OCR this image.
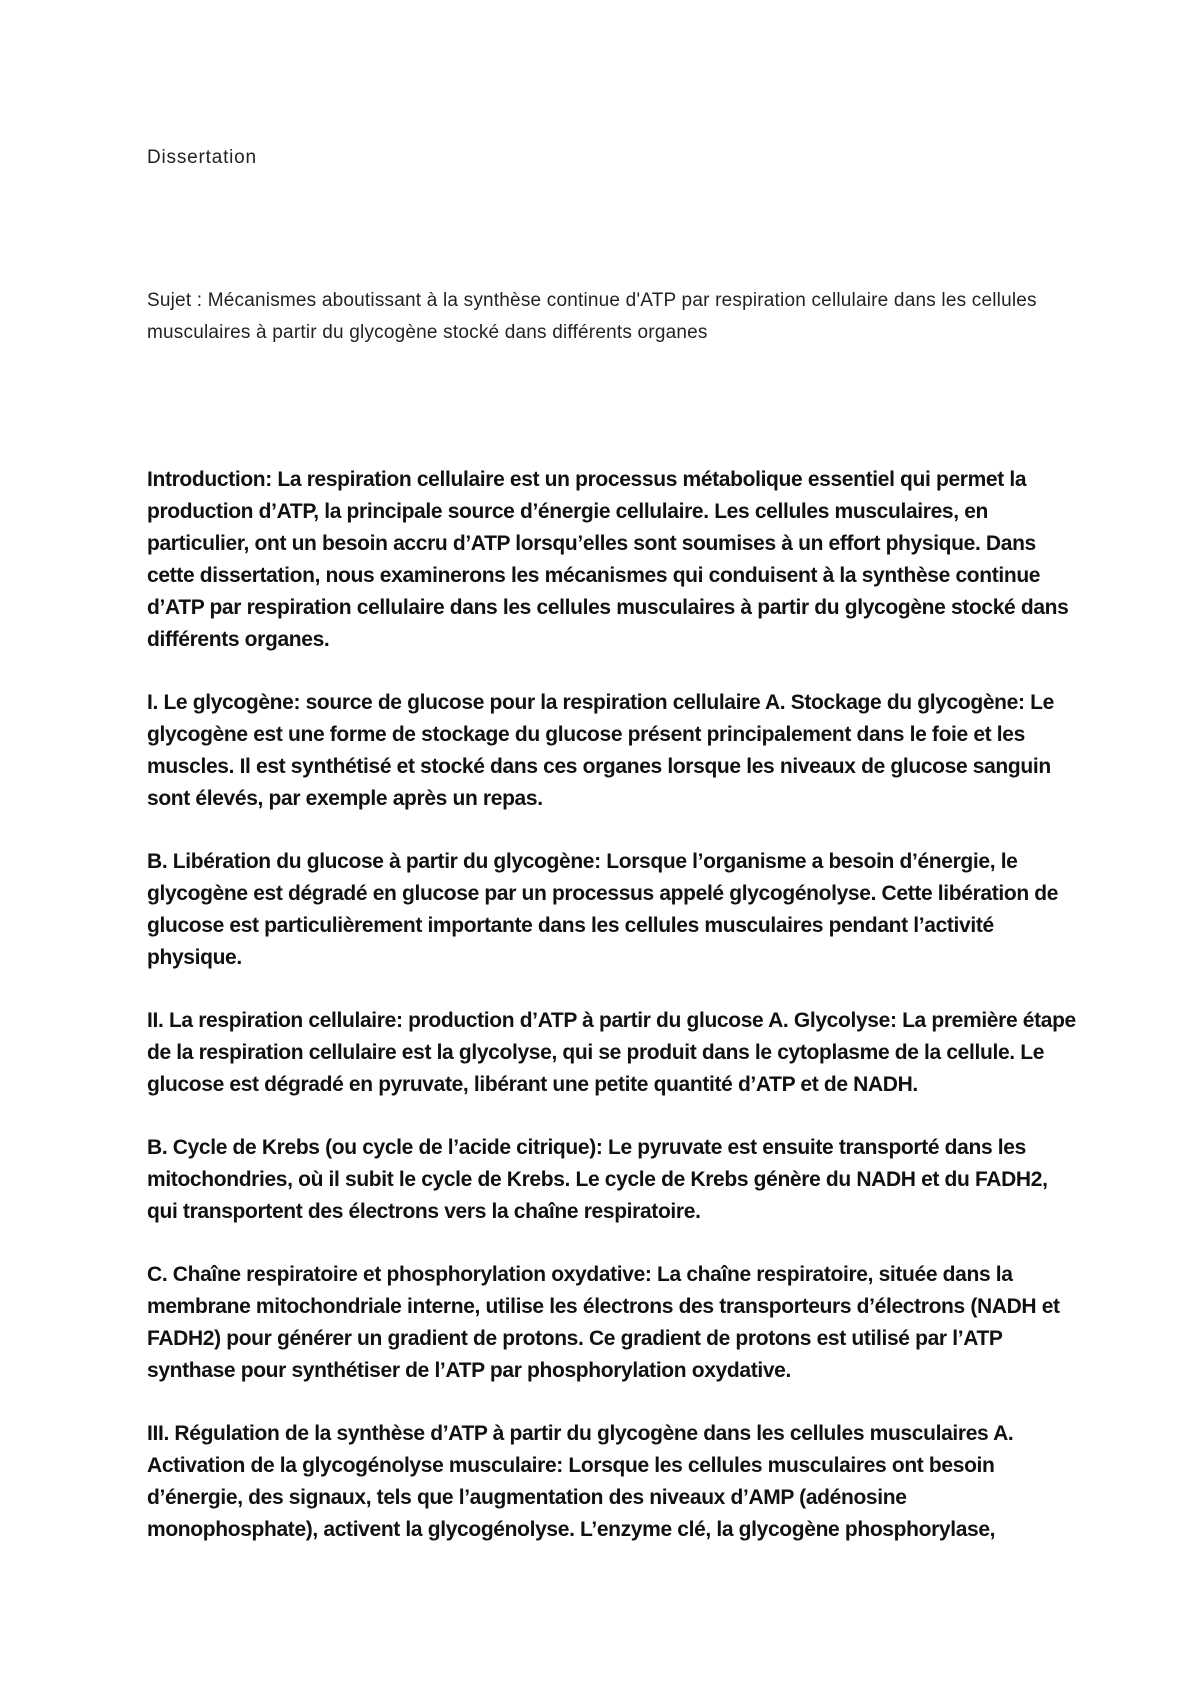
Dissertation

Sujet : Mécanismes aboutissant à la synthèse continue d'ATP par respiration cellulaire dans les cellules musculaires à partir du glycogène stocké dans différents organes

Introduction: La respiration cellulaire est un processus métabolique essentiel qui permet la production d’ATP, la principale source d’énergie cellulaire. Les cellules musculaires, en particulier, ont un besoin accru d’ATP lorsqu’elles sont soumises à un effort physique. Dans cette dissertation, nous examinerons les mécanismes qui conduisent à la synthèse continue d’ATP par respiration cellulaire dans les cellules musculaires à partir du glycogène stocké dans différents organes.

I. Le glycogène: source de glucose pour la respiration cellulaire A. Stockage du glycogène: Le glycogène est une forme de stockage du glucose présent principalement dans le foie et les muscles. Il est synthétisé et stocké dans ces organes lorsque les niveaux de glucose sanguin sont élevés, par exemple après un repas.

B. Libération du glucose à partir du glycogène: Lorsque l’organisme a besoin d’énergie, le glycogène est dégradé en glucose par un processus appelé glycogénolyse. Cette libération de glucose est particulièrement importante dans les cellules musculaires pendant l’activité physique.

II. La respiration cellulaire: production d’ATP à partir du glucose A. Glycolyse: La première étape de la respiration cellulaire est la glycolyse, qui se produit dans le cytoplasme de la cellule. Le glucose est dégradé en pyruvate, libérant une petite quantité d’ATP et de NADH.

B. Cycle de Krebs (ou cycle de l’acide citrique): Le pyruvate est ensuite transporté dans les mitochondries, où il subit le cycle de Krebs. Le cycle de Krebs génère du NADH et du FADH2, qui transportent des électrons vers la chaîne respiratoire.

C. Chaîne respiratoire et phosphorylation oxydative: La chaîne respiratoire, située dans la membrane mitochondriale interne, utilise les électrons des transporteurs d’électrons (NADH et FADH2) pour générer un gradient de protons. Ce gradient de protons est utilisé par l’ATP synthase pour synthétiser de l’ATP par phosphorylation oxydative.

III. Régulation de la synthèse d’ATP à partir du glycogène dans les cellules musculaires A. Activation de la glycogénolyse musculaire: Lorsque les cellules musculaires ont besoin d’énergie, des signaux, tels que l’augmentation des niveaux d’AMP (adénosine monophosphate), activent la glycogénolyse. L’enzyme clé, la glycogène phosphorylase,
